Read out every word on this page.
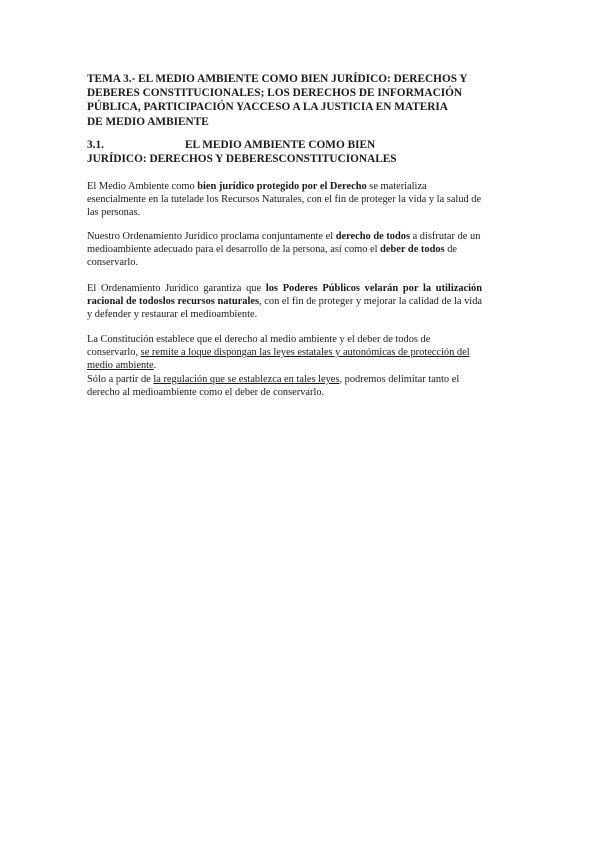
TEMA 3.- EL MEDIO AMBIENTE COMO BIEN JURÍDICO: DERECHOS Y
DEBERES CONSTITUCIONALES; LOS DERECHOS DE INFORMACIÓN
PÚBLICA, PARTICIPACIÓN YACCESO A LA JUSTICIA EN MATERIA
DE MEDIO AMBIENTE
3.1.	EL MEDIO AMBIENTE COMO BIEN
JURÍDICO: DERECHOS Y DEBERESCONSTITUCIONALES

El Medio Ambiente como bien jurídico protegido por el Derecho se materializa esencialmente en la tutelade los Recursos Naturales, con el fin de proteger la vida y la salud de las personas.

Nuestro Ordenamiento Jurídico proclama conjuntamente el derecho de todos a disfrutar de un medioambiente adecuado para el desarrollo de la persona, así como el deber de todos de conservarlo.

El Ordenamiento Jurídico garantiza que los Poderes Públicos velarán por la utilización racional de todoslos recursos naturales, con el fin de proteger y mejorar la calidad de la vida y defender y restaurar el medioambiente.

La Constitución establece que el derecho al medio ambiente y el deber de todos de conservarlo, se remite a loque dispongan las leyes estatales y autonómicas de protección del medio ambiente.
Sólo a partir de la regulación que se establezca en tales leyes, podremos delimitar tanto el derecho al medioambiente como el deber de conservarlo.
